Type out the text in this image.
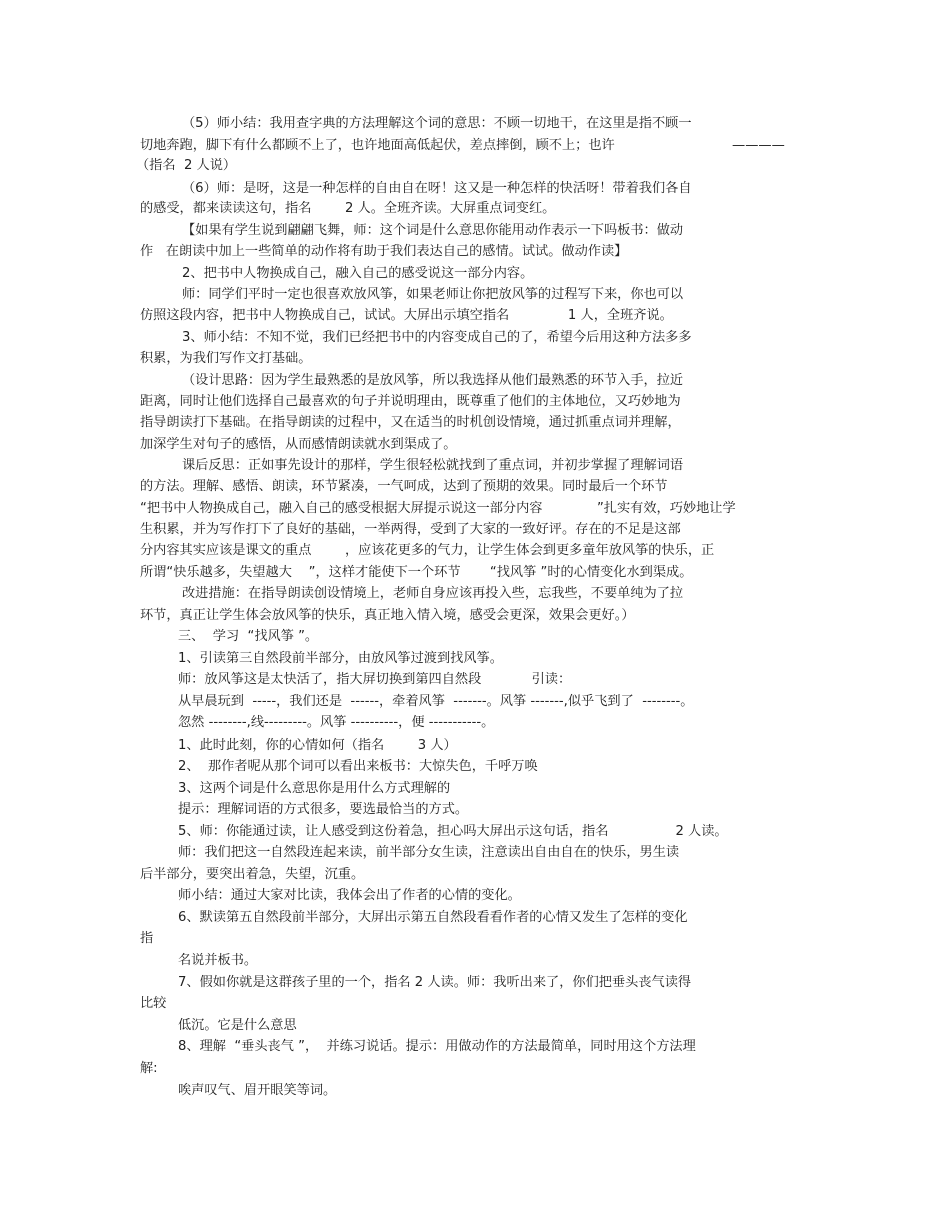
（5）师小结：我用查字典的方法理解这个词的意思：不顾一切地干，在这里是指不顾一
切地奔跑，脚下有什么都顾不上了，也许地面高低起伏，差点摔倒，顾不上；也许	————
（指名  2 人说）
（6）师：是呀，这是一种怎样的自由自在呀！这又是一种怎样的快活呀！带着我们各自
的感受，都来读读这句，指名        2 人。全班齐读。大屏重点词变红。
【如果有学生说到翩翩飞舞，师：这个词是什么意思你能用动作表示一下吗板书：做动
作   在朗读中加上一些简单的动作将有助于我们表达自己的感情。试试。做动作读】
2、把书中人物换成自己，融入自己的感受说这一部分内容。
师：同学们平时一定也很喜欢放风筝，如果老师让你把放风筝的过程写下来，你也可以
仿照这段内容，把书中人物换成自己，试试。大屏出示填空指名              1 人，全班齐说。
3、师小结：不知不觉，我们已经把书中的内容变成自己的了，希望今后用这种方法多多
积累，为我们写作文打基础。
（设计思路：因为学生最熟悉的是放风筝，所以我选择从他们最熟悉的环节入手，拉近
距离，同时让他们选择自己最喜欢的句子并说明理由，既尊重了他们的主体地位，又巧妙地为
指导朗读打下基础。在指导朗读的过程中，又在适当的时机创设情境，通过抓重点词并理解，
加深学生对句子的感悟，从而感情朗读就水到渠成了。
课后反思：正如事先设计的那样，学生很轻松就找到了重点词，并初步掌握了理解词语
的方法。理解、感悟、朗读，环节紧凑，一气呵成，达到了预期的效果。同时最后一个环节
“把书中人物换成自己，融入自己的感受根据大屏提示说这一部分内容             ”扎实有效，巧妙地让学
生积累，并为写作打下了良好的基础，一举两得，受到了大家的一致好评。存在的不足是这部
分内容其实应该是课文的重点        ，应该花更多的气力，让学生体会到更多童年放风筝的快乐，正
所谓“快乐越多，失望越大    ”，这样才能使下一个环节       “找风筝 ”时的心情变化水到渠成。
改进措施：在指导朗读创设情境上，老师自身应该再投入些，忘我些，不要单纯为了拉
环节，真正让学生体会放风筝的快乐，真正地入情入境，感受会更深，效果会更好。）
三、  学习  “找风筝 ”。
1、引读第三自然段前半部分，由放风筝过渡到找风筝。
师：放风筝这是太快活了，指大屏切换到第四自然段            引读：
从早晨玩到  -----，我们还是  ------，牵着风筝  -------。风筝 -------,似乎飞到了  --------。
忽然 --------,线---------。风筝 ----------，便 -----------。
1、此时此刻，你的心情如何（指名        3 人）
2、  那作者呢从那个词可以看出来板书：大惊失色，千呼万唤
3、这两个词是什么意思你是用什么方式理解的
提示：理解词语的方式很多，要选最恰当的方式。
5、师：你能通过读，让人感受到这份着急，担心吗大屏出示这句话，指名                2 人读。
师：我们把这一自然段连起来读，前半部分女生读，注意读出自由自在的快乐，男生读
后半部分，要突出着急，失望，沉重。
师小结：通过大家对比读，我体会出了作者的心情的变化。
6、默读第五自然段前半部分，大屏出示第五自然段看看作者的心情又发生了怎样的变化
指
名说并板书。
7、假如你就是这群孩子里的一个，指名 2 人读。师：我听出来了，你们把垂头丧气读得
比较
低沉。它是什么意思
8、理解  “垂头丧气 ”，  并练习说话。提示：用做动作的方法最简单，同时用这个方法理
解:
唉声叹气、眉开眼笑等词。
